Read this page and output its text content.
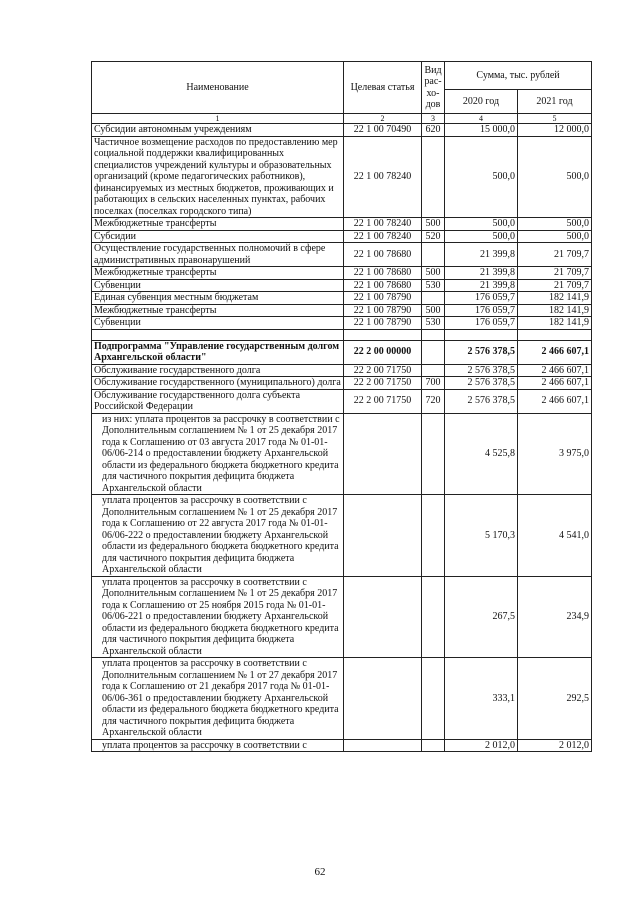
Наименование	Целевая статья	Вид рас-хо-дов	Сумма, тыс. рублей	
			2020 год	2021 год
1	2	3	4	5
Субсидии автономным учреждениям	22 1 00 70490	620	15 000,0	12 000,0
Частичное возмещение расходов по предоставлению мер социальной поддержки квалифицированных специалистов учреждений культуры и образовательных организаций (кроме педагогических работников), финансируемых из местных бюджетов, проживающих и работающих в сельских населенных пунктах, рабочих поселках (поселках городского типа)	22 1 00 78240		500,0	500,0
Межбюджетные трансферты	22 1 00 78240	500	500,0	500,0
Субсидии	22 1 00 78240	520	500,0	500,0
Осуществление государственных полномочий в сфере административных правонарушений	22 1 00 78680		21 399,8	21 709,7
Межбюджетные трансферты	22 1 00 78680	500	21 399,8	21 709,7
Субвенции	22 1 00 78680	530	21 399,8	21 709,7
Единая субвенция местным бюджетам	22 1 00 78790		176 059,7	182 141,9
Межбюджетные трансферты	22 1 00 78790	500	176 059,7	182 141,9
Субвенции	22 1 00 78790	530	176 059,7	182 141,9

Подпрограмма "Управление государственным долгом Архангельской области"	22 2 00 00000		2 576 378,5	2 466 607,1
Обслуживание государственного долга	22 2 00 71750		2 576 378,5	2 466 607,1
Обслуживание государственного (муниципального) долга	22 2 00 71750	700	2 576 378,5	2 466 607,1
Обслуживание государственного долга субъекта Российской Федерации	22 2 00 71750	720	2 576 378,5	2 466 607,1
из них: уплата процентов за рассрочку в соответствии с Дополнительным соглашением № 1 от 25 декабря 2017 года к Соглашению от 03 августа 2017 года № 01-01-06/06-214 о предоставлении бюджету Архангельской области из федерального бюджета бюджетного кредита для частичного покрытия дефицита бюджета Архангельской области			4 525,8	3 975,0
уплата процентов за рассрочку в соответствии с Дополнительным соглашением № 1 от 25 декабря 2017 года к Соглашению от 22 августа 2017 года № 01-01-06/06-222 о предоставлении бюджету Архангельской области из федерального бюджета бюджетного кредита для частичного покрытия дефицита бюджета Архангельской области			5 170,3	4 541,0
уплата процентов за рассрочку в соответствии с Дополнительным соглашением № 1 от 25 декабря 2017 года к Соглашению от 25 ноября 2015 года № 01-01-06/06-221 о предоставлении бюджету Архангельской области из федерального бюджета бюджетного кредита для частичного покрытия дефицита бюджета Архангельской области			267,5	234,9
уплата процентов за рассрочку в соответствии с Дополнительным соглашением № 1 от 27 декабря 2017 года к Соглашению от 21 декабря 2017 года № 01-01-06/06-361 о предоставлении бюджету Архангельской области из федерального бюджета бюджетного кредита для частичного покрытия дефицита бюджета Архангельской области			333,1	292,5
уплата процентов за рассрочку в соответствии с			2 012,0	2 012,0
62
